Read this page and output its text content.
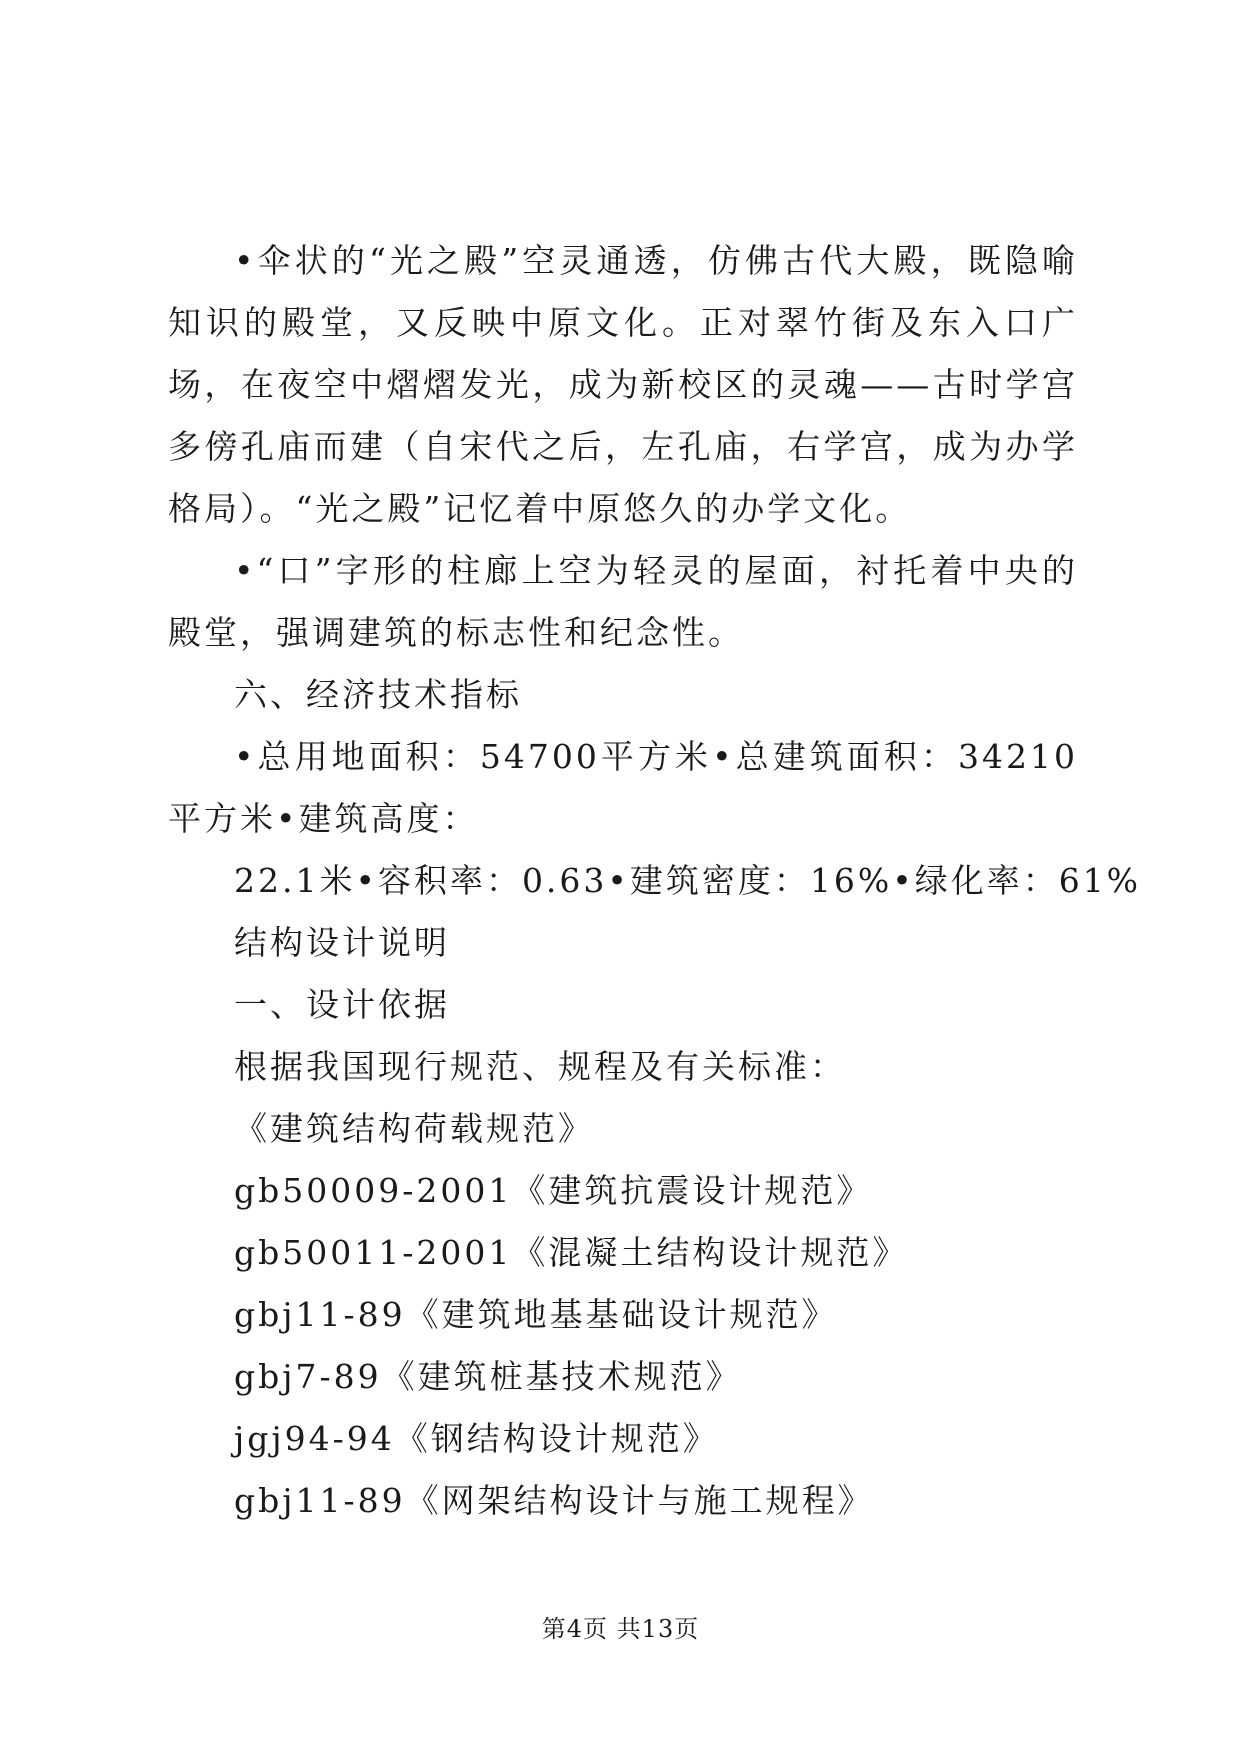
•伞状的“光之殿”空灵通透，仿佛古代大殿，既隐喻知识的殿堂，又反映中原文化。正对翠竹街及东入口广场，在夜空中熠熠发光，成为新校区的灵魂——古时学宫多傍孔庙而建（自宋代之后，左孔庙，右学宫，成为办学格局）。“光之殿”记忆着中原悠久的办学文化。

•“口”字形的柱廊上空为轻灵的屋面，衬托着中央的殿堂，强调建筑的标志性和纪念性。

六、经济技术指标

•总用地面积：54700平方米•总建筑面积：34210平方米•建筑高度：

22.1米•容积率：0.63•建筑密度：16%•绿化率：61%

结构设计说明

一、设计依据

根据我国现行规范、规程及有关标准：

《建筑结构荷载规范》

gb50009-2001《建筑抗震设计规范》

gb50011-2001《混凝土结构设计规范》

gbj11-89《建筑地基基础设计规范》

gbj7-89《建筑桩基技术规范》

jgj94-94《钢结构设计规范》

gbj11-89《网架结构设计与施工规程》

第4页 共13页
